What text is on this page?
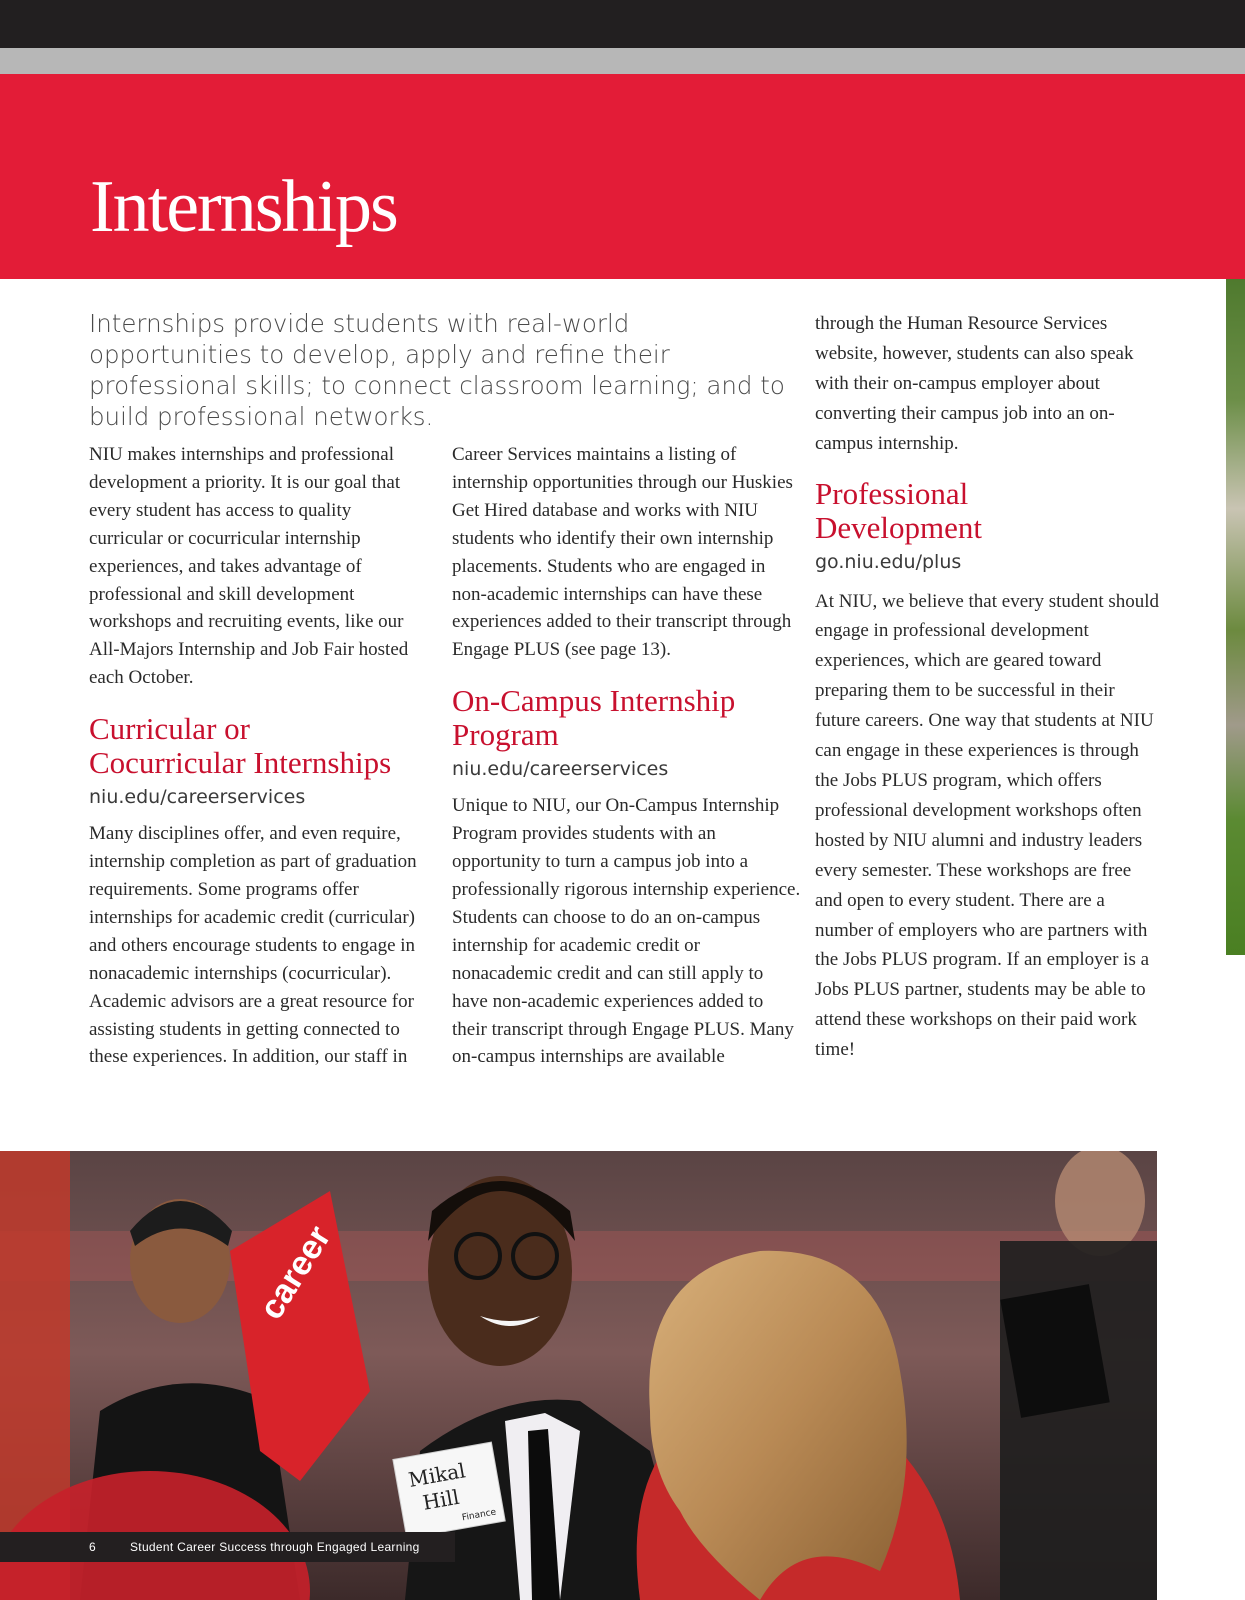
Internships

Internships provide students with real-world opportunities to develop, apply and refine their professional skills; to connect classroom learning; and to build professional networks.

NIU makes internships and professional development a priority. It is our goal that every student has access to quality curricular or cocurricular internship experiences, and takes advantage of professional and skill development workshops and recruiting events, like our All-Majors Internship and Job Fair hosted each October.

Curricular or
Cocurricular Internships

niu.edu/careerservices

Many disciplines offer, and even require, internship completion as part of graduation requirements. Some programs offer internships for academic credit (curricular) and others encourage students to engage in nonacademic internships (cocurricular). Academic advisors are a great resource for assisting students in getting connected to these experiences. In addition, our staff in

Career Services maintains a listing of internship opportunities through our Huskies Get Hired database and works with NIU students who identify their own internship placements. Students who are engaged in non-academic internships can have these experiences added to their transcript through Engage PLUS (see page 13).

On-Campus Internship
Program

niu.edu/careerservices

Unique to NIU, our On-Campus Internship Program provides students with an opportunity to turn a campus job into a professionally rigorous internship experience. Students can choose to do an on-campus internship for academic credit or nonacademic credit and can still apply to have non-academic experiences added to their transcript through Engage PLUS. Many on-campus internships are available

through the Human Resource Services website, however, students can also speak with their on-campus employer about converting their campus job into an on-campus internship.

Professional
Development

go.niu.edu/plus

At NIU, we believe that every student should engage in professional development experiences, which are geared toward preparing them to be successful in their future careers. One way that students at NIU can engage in these experiences is through the Jobs PLUS program, which offers professional development workshops often hosted by NIU alumni and industry leaders every semester. These workshops are free and open to every student. There are a number of employers who are partners with the Jobs PLUS program. If an employer is a Jobs PLUS partner, students may be able to attend these workshops on their paid work time!

career
Mikal
Hill
Finance
6	Student Career Success through Engaged Learning
